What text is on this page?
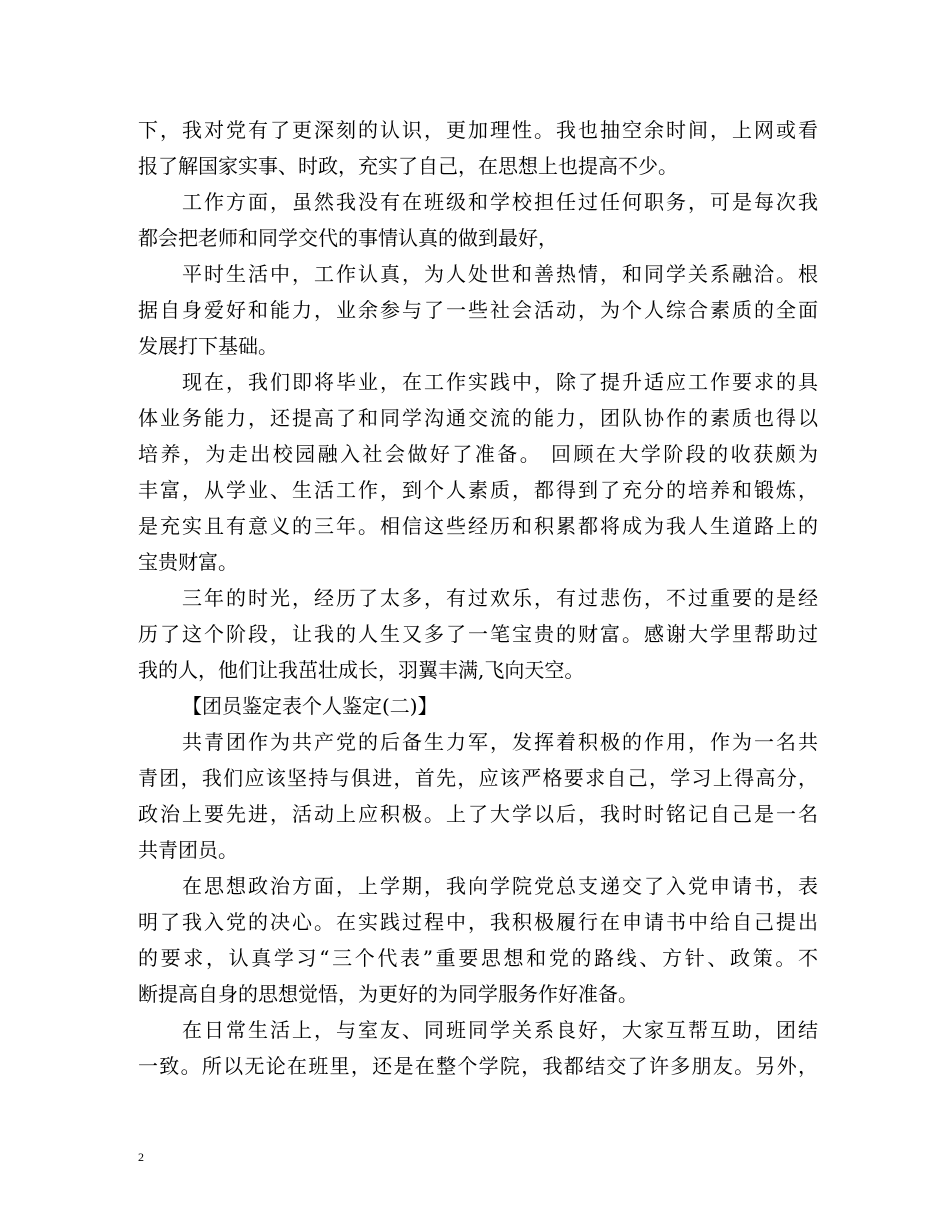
下，我对党有了更深刻的认识，更加理性。我也抽空余时间，上网或看
报了解国家实事、时政，充实了自己，在思想上也提高不少。
工作方面，虽然我没有在班级和学校担任过任何职务，可是每次我
都会把老师和同学交代的事情认真的做到最好，
平时生活中，工作认真，为人处世和善热情，和同学关系融洽。根
据自身爱好和能力，业余参与了一些社会活动，为个人综合素质的全面
发展打下基础。
现在，我们即将毕业，在工作实践中，除了提升适应工作要求的具
体业务能力，还提高了和同学沟通交流的能力，团队协作的素质也得以
培养，为走出校园融入社会做好了准备。 回顾在大学阶段的收获颇为
丰富，从学业、生活工作，到个人素质，都得到了充分的培养和锻炼，
是充实且有意义的三年。相信这些经历和积累都将成为我人生道路上的
宝贵财富。
三年的时光，经历了太多，有过欢乐，有过悲伤，不过重要的是经
历了这个阶段，让我的人生又多了一笔宝贵的财富。感谢大学里帮助过
我的人，他们让我茁壮成长，羽翼丰满,飞向天空。
【团员鉴定表个人鉴定(二)】
共青团作为共产党的后备生力军，发挥着积极的作用，作为一名共
青团，我们应该坚持与俱进，首先，应该严格要求自己，学习上得高分，
政治上要先进，活动上应积极。上了大学以后，我时时铭记自己是一名
共青团员。
在思想政治方面，上学期，我向学院党总支递交了入党申请书，表
明了我入党的决心。在实践过程中，我积极履行在申请书中给自己提出
的要求，认真学习“三个代表”重要思想和党的路线、方针、政策。不
断提高自身的思想觉悟，为更好的为同学服务作好准备。
在日常生活上，与室友、同班同学关系良好，大家互帮互助，团结
一致。所以无论在班里，还是在整个学院，我都结交了许多朋友。另外，
2
